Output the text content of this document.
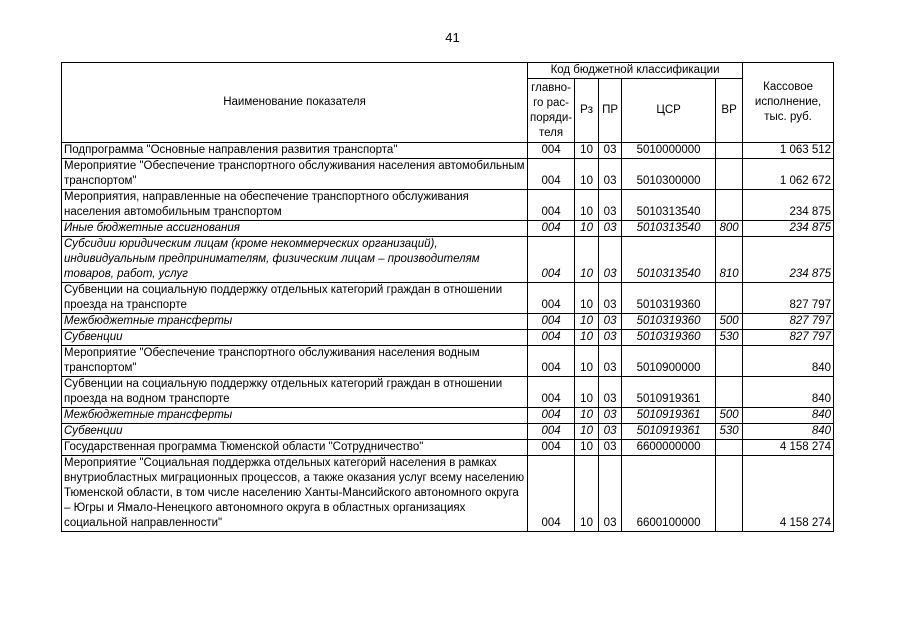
41
Наименование показателя	Код бюджетной классификации					Кассовое исполнение, тыс. руб.
	главно-го рас-поряди-теля	Рз	ПР	ЦСР	ВР	
Подпрограмма "Основные направления развития транспорта"	004	10	03	5010000000		1 063 512
Мероприятие "Обеспечение транспортного обслуживания населения автомобильным транспортом"	004	10	03	5010300000		1 062 672
Мероприятия, направленные на обеспечение транспортного обслуживания населения автомобильным транспортом	004	10	03	5010313540		234 875
Иные бюджетные ассигнования	004	10	03	5010313540	800	234 875
Субсидии юридическим лицам (кроме некоммерческих организаций), индивидуальным предпринимателям, физическим лицам – производителям товаров, работ, услуг	004	10	03	5010313540	810	234 875
Субвенции на социальную поддержку отдельных категорий граждан в отношении проезда на транспорте	004	10	03	5010319360		827 797
Межбюджетные трансферты	004	10	03	5010319360	500	827 797
Субвенции	004	10	03	5010319360	530	827 797
Мероприятие "Обеспечение транспортного обслуживания населения водным транспортом"	004	10	03	5010900000		840
Субвенции на социальную поддержку отдельных категорий граждан в отношении проезда на водном транспорте	004	10	03	5010919361		840
Межбюджетные трансферты	004	10	03	5010919361	500	840
Субвенции	004	10	03	5010919361	530	840
Государственная программа Тюменской области "Сотрудничество"	004	10	03	6600000000		4 158 274
Мероприятие "Социальная поддержка отдельных категорий населения в рамках внутриобластных миграционных процессов, а также оказания услуг всему населению Тюменской области, в том числе населению Ханты-Мансийского автономного округа – Югры и Ямало-Ненецкого автономного округа в областных организациях социальной направленности"	004	10	03	6600100000		4 158 274
